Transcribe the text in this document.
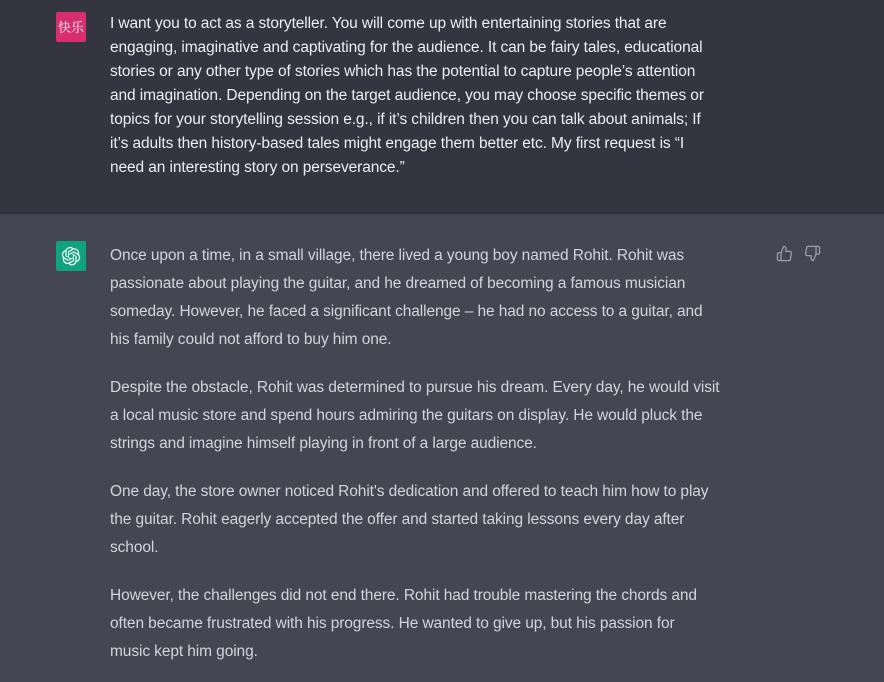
快乐 I want you to act as a storyteller. You will come up with entertaining stories that are
engaging, imaginative and captivating for the audience. It can be fairy tales, educational
stories or any other type of stories which has the potential to capture people’s attention
and imagination. Depending on the target audience, you may choose specific themes or
topics for your storytelling session e.g., if it’s children then you can talk about animals; If
it’s adults then history-based tales might engage them better etc. My first request is “I
need an interesting story on perseverance.”
Once upon a time, in a small village, there lived a young boy named Rohit. Rohit was
passionate about playing the guitar, and he dreamed of becoming a famous musician
someday. However, he faced a significant challenge – he had no access to a guitar, and
his family could not afford to buy him one.
Despite the obstacle, Rohit was determined to pursue his dream. Every day, he would visit
a local music store and spend hours admiring the guitars on display. He would pluck the
strings and imagine himself playing in front of a large audience.
One day, the store owner noticed Rohit's dedication and offered to teach him how to play
the guitar. Rohit eagerly accepted the offer and started taking lessons every day after
school.
However, the challenges did not end there. Rohit had trouble mastering the chords and
often became frustrated with his progress. He wanted to give up, but his passion for
music kept him going.
